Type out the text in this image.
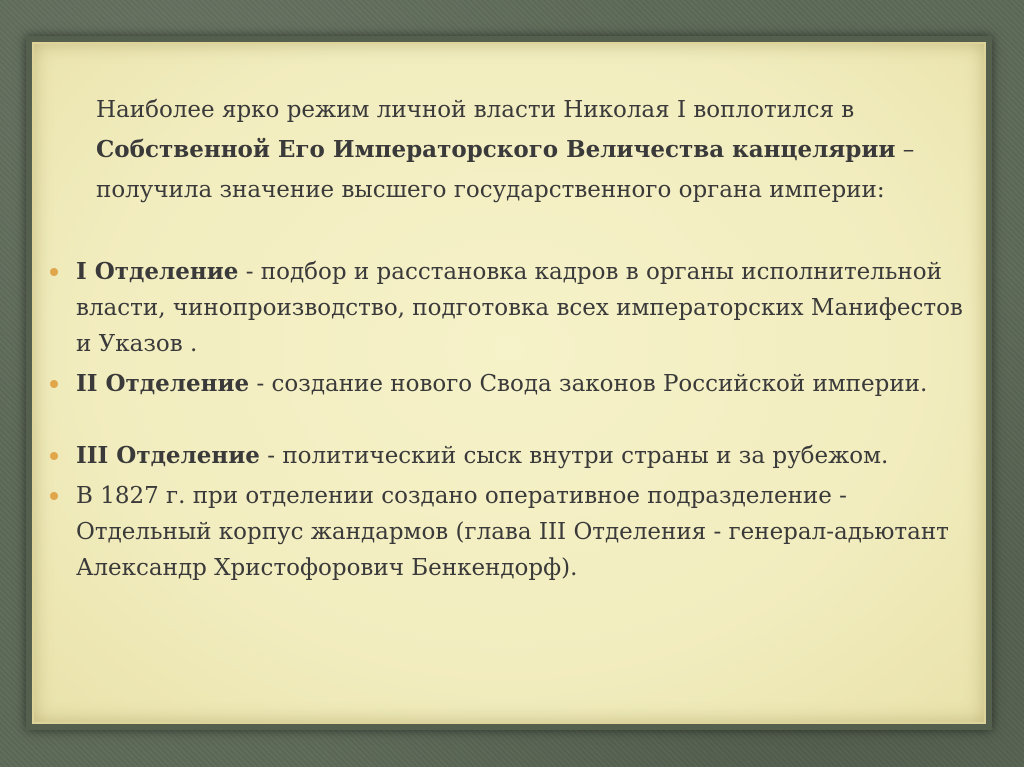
Наиболее ярко режим личной власти Николая I воплотился в
Собственной Его Императорского Величества канцелярии –
получила значение высшего государственного органа империи:
I Отделение - подбор и расстановка кадров в органы исполнительной власти, чинопроизводство, подготовка всех императорских Манифестов и Указов .
II Отделение - создание нового Свода законов Российской империи.
III Отделение - политический сыск внутри страны и за рубежом.
В 1827 г. при отделении создано оперативное подразделение - Отдельный корпус жандармов (глава III Отделения - генерал-адьютант Александр Христофорович Бенкендорф).
